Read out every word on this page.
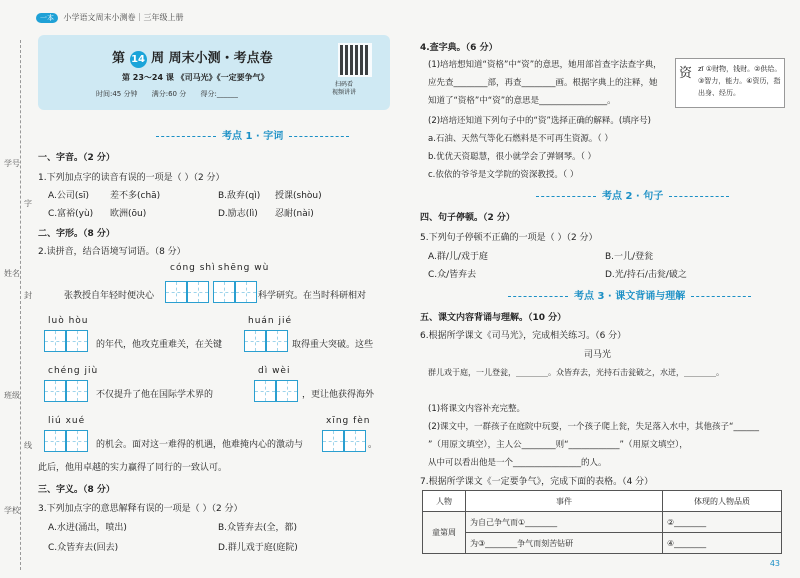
一本 小学语文周末小测卷｜三年级上册
学号
字
姓名
封
班级
线
学校
第 14 周 周末小测・考点卷
第 23～24 课 《司马光》《一定要争气》
时间:45 分钟 满分:60 分 得分:______
扫码看
视频讲讲
考点 1 · 字词
一、字音。（2 分）
1.下列加点字的读音有误的一项是（ ）（2 分）
A.公司(sī) 差不多(chā)	B.敌弃(qì) 授课(shòu)
C.富裕(yù) 欧洲(ōu)	D.励志(lì) 忍耐(nài)
二、字形。（8 分）
2.读拼音，结合语境写词语。（8 分）
cóng shì shēng wù
张教授自年轻时便决心	科学研究。在当时科研相对
luò hòu	huán jié
的年代，他攻克重难关，在关键	取得重大突破。这些
chéng jiù	dì wèi
不仅提升了他在国际学术界的	，更让他获得海外
liú xué	xīng fèn
的机会。面对这一难得的机遇，他难掩内心的激动与	。
此后，他用卓越的实力赢得了同行的一致认可。
三、字义。（8 分）
3.下列加点字的意思解释有误的一项是（ ）（2 分）
A.水迸(涌出，喷出)	B.众皆弃去(全，都)
C.众皆弃去(回去)	D.群儿戏于庭(庭院)
4.查字典。（6 分）
(1)培培想知道“资格”中“资”的意思，她用部首查字法查字典，
应先查________部，再查________画。根据字典上的注释，她
知道了“资格”中“资”的意思是________________。
资 zī ①财物，钱财。②供给。③智力，能力。④资历，指出身、经历。
(2)培培还知道下列句子中的“资”选择正确的解释。(填序号)
a.石油、天然气等化石燃料是不可再生资源。（ ）
b.优优天资聪慧，很小就学会了弹钢琴。（ ）
c.依依的爷爷是文学院的资深教授。（ ）
考点 2 · 句子
四、句子停顿。（2 分）
5.下列句子停顿不正确的一项是（ ）（2 分）
A.群/儿/戏于庭	B.一儿/登瓮
C.众/皆弃去	D.光/持石/击瓮/破之
考点 3 · 课文背诵与理解
五、课文内容背诵与理解。（10 分）
6.根据所学课文《司马光》，完成相关练习。（6 分）
司马光
群儿戏于庭，一儿登瓮，________。众皆弃去，光持石击瓮破之，水迸，________。
(1)将课文内容补充完整。
(2)课文中，一群孩子在庭院中玩耍，一个孩子爬上瓮，失足落入水中，其他孩子“______
”（用原文填空），主人公________则“____________”（用原文填空），
从中可以看出他是一个________________的人。
7.根据所学课文《一定要争气》，完成下面的表格。（4 分）
人物	事件	体现的人物品质
童第周	为自己争气而①________	②________
	为③________争气而刻苦钻研	④________
43
